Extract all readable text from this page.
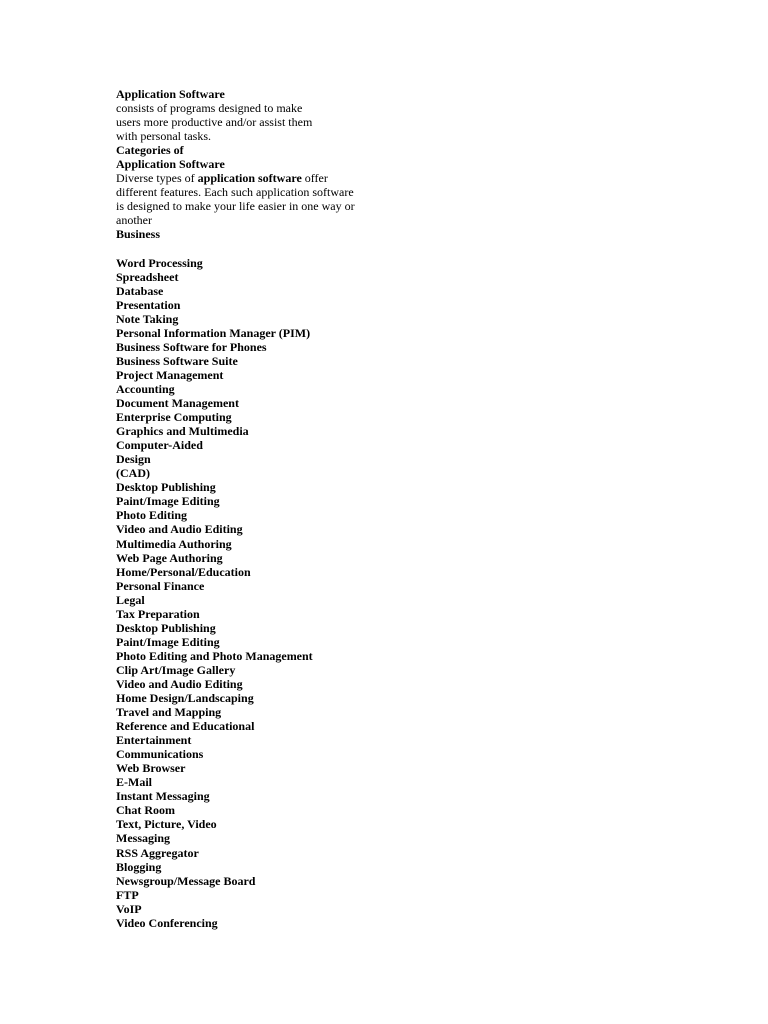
Application Software
consists of programs designed to make
users more productive and/or assist them
with personal tasks.
Categories of
Application Software
Diverse types of application software offer
different features. Each such application software
is designed to make your life easier in one way or
another
Business
Word Processing
Spreadsheet
Database
Presentation
Note Taking
Personal Information Manager (PIM)
Business Software for Phones
Business Software Suite
Project Management
Accounting
Document Management
Enterprise Computing
Graphics and Multimedia
Computer-Aided
Design
(CAD)
Desktop Publishing
Paint/Image Editing
Photo Editing
Video and Audio Editing
Multimedia Authoring
Web Page Authoring
Home/Personal/Education
Personal Finance
Legal
Tax Preparation
Desktop Publishing
Paint/Image Editing
Photo Editing and Photo Management
Clip Art/Image Gallery
Video and Audio Editing
Home Design/Landscaping
Travel and Mapping
Reference and Educational
Entertainment
Communications
Web Browser
E-Mail
Instant Messaging
Chat Room
Text, Picture, Video
Messaging
RSS Aggregator
Blogging
Newsgroup/Message Board
FTP
VoIP
Video Conferencing
